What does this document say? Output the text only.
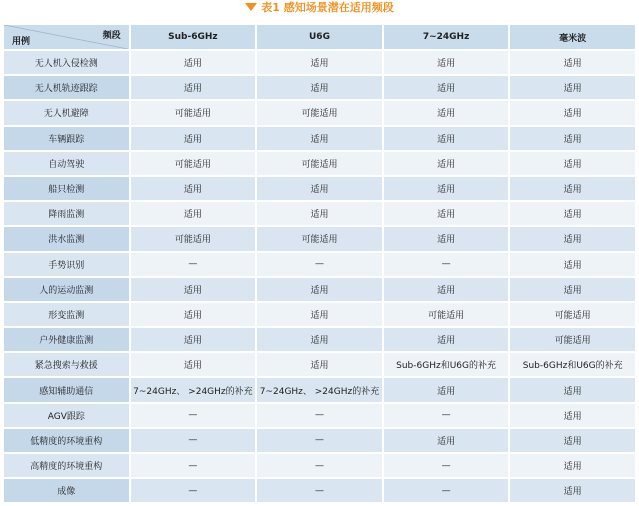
表1 感知场景潜在适用频段
频段
用例	Sub-6GHz	U6G	7~24GHz	毫米波
无人机入侵检测	适用	适用	适用	适用
无人机轨迹跟踪	适用	适用	适用	适用
无人机避障	可能适用	可能适用	适用	适用
车辆跟踪	适用	适用	适用	适用
自动驾驶	可能适用	可能适用	适用	适用
船只检测	适用	适用	适用	适用
降雨监测	适用	适用	适用	适用
洪水监测	可能适用	可能适用	适用	适用
手势识别	—	—	—	适用
人的运动监测	适用	适用	适用	适用
形变监测	适用	适用	可能适用	可能适用
户外健康监测	适用	适用	适用	可能适用
紧急搜索与救援	适用	适用	Sub-6GHz和U6G的补充	Sub-6GHz和U6G的补充
感知辅助通信	7~24GHz、 >24GHz的补充	7~24GHz、 >24GHz的补充	适用	适用
AGV跟踪	—	—	—	适用
低精度的环境重构	—	—	适用	适用
高精度的环境重构	—	—	—	适用
成像	—	—	—	适用
